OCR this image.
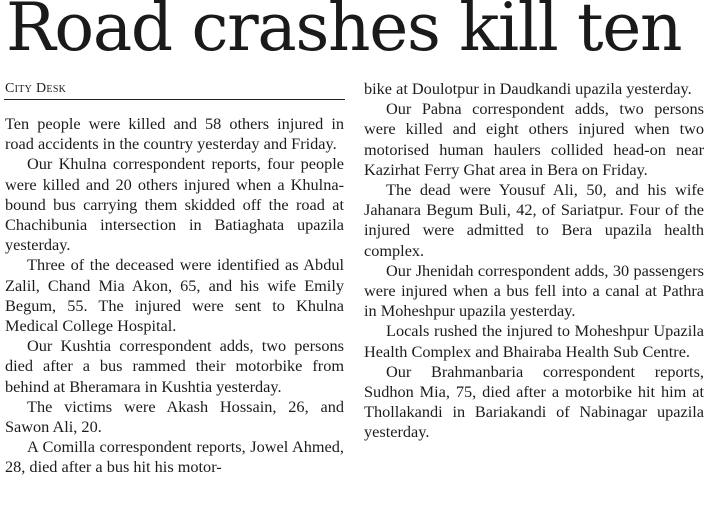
Road crashes kill ten
City Desk

Ten people were killed and 58 others injured in road accidents in the country yesterday and Friday.

Our Khulna correspondent reports, four people were killed and 20 others injured when a Khulna-bound bus carrying them skidded off the road at Chachibunia intersection in Batiaghata upazila yesterday.

Three of the deceased were identified as Abdul Zalil, Chand Mia Akon, 65, and his wife Emily Begum, 55. The injured were sent to Khulna Medical College Hospital.

Our Kushtia correspondent adds, two persons died after a bus rammed their motorbike from behind at Bheramara in Kushtia yesterday.

The victims were Akash Hossain, 26, and Sawon Ali, 20.

A Comilla correspondent reports, Jowel Ahmed, 28, died after a bus hit his motor-

bike at Doulotpur in Daudkandi upazila yesterday.

Our Pabna correspondent adds, two persons were killed and eight others injured when two motorised human haulers collided head-on near Kazirhat Ferry Ghat area in Bera on Friday.

The dead were Yousuf Ali, 50, and his wife Jahanara Begum Buli, 42, of Sariatpur. Four of the injured were admitted to Bera upazila health complex.

Our Jhenidah correspondent adds, 30 passengers were injured when a bus fell into a canal at Pathra in Moheshpur upazila yesterday.

Locals rushed the injured to Moheshpur Upazila Health Complex and Bhairaba Health Sub Centre.

Our Brahmanbaria correspondent reports, Sudhon Mia, 75, died after a motorbike hit him at Thollakandi in Bariakandi of Nabinagar upazila yesterday.
